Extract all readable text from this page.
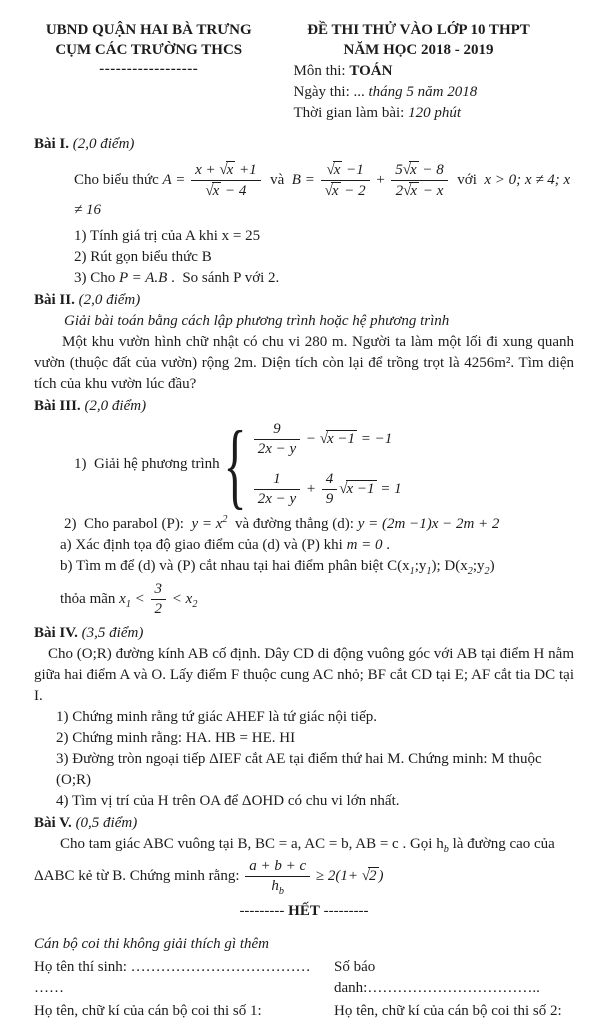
UBND QUẬN HAI BÀ TRƯNG
CỤM CÁC TRƯỜNG THCS
------------------
ĐỀ THI THỬ VÀO LỚP 10 THPT
NĂM HỌC 2018 - 2019
Môn thi: TOÁN
Ngày thi: ... tháng 5 năm 2018
Thời gian làm bài: 120 phút
Bài I. (2,0 điểm)
Cho biểu thức $A = \frac{x + √x +1}{√x - 4}$ và  $B = \frac{√x -1}{√x - 2} + \frac{5√x - 8}{2√x - x}$ với  x > 0; x ≠ 4; x ≠ 16
1) Tính giá trị của A khi x = 25
2) Rút gọn biểu thức B
3) Cho P = A.B .  So sánh P với 2.
Bài II. (2,0 điểm)
Giải bài toán bằng cách lập phương trình hoặc hệ phương trình
Một khu vườn hình chữ nhật có chu vi 280 m. Người ta làm một lối đi xung quanh vườn (thuộc đất của vườn) rộng 2m. Diện tích còn lại để trồng trọt là 4256m². Tìm diện tích của khu vườn lúc đầu?
Bài III. (2,0 điểm)
1)  Giải hệ phương trình { $\frac{9}{2x - y} - √x -1 = -1$
$\frac{1}{2x - y} + \frac{4}{9} √x -1 = 1$
2)  Cho parabol (P):  $y = x^2$  và đường thẳng (d): y = (2m −1)x − 2m + 2
a) Xác định tọa độ giao điểm của (d) và (P) khi m = 0 .
b) Tìm m để (d) và (P) cắt nhau tại hai điểm phân biệt $C(x_1;y_1)$; $D(x_2;y_2)$
thỏa mãn $x_1 < \frac{3}{2} < x_2$
Bài IV. (3,5 điểm)
Cho (O;R) đường kính AB cố định. Dây CD di động vuông góc với AB tại điểm H nằm giữa hai điểm A và O. Lấy điểm F thuộc cung AC nhỏ; BF cắt CD tại E; AF cắt tia DC tại I.
1) Chứng minh rằng tứ giác AHEF là tứ giác nội tiếp.
2) Chứng minh rằng: HA. HB = HE. HI
3) Đường tròn ngoại tiếp ΔIEF cắt AE tại điểm thứ hai M. Chứng minh: M thuộc (O;R)
4) Tìm vị trí của H trên OA để ΔOHD có chu vi lớn nhất.
Bài V. (0,5 điểm)
Cho tam giác ABC vuông tại B, BC = a, AC = b, AB = c . Gọi $h_b$ là đường cao của
ΔABC kẻ từ B. Chứng minh rằng: $\frac{a + b + c}{h_b} \ge 2(1+ √2$ )
--------- HẾT ---------
Cán bộ coi thi không giải thích gì thêm
Họ tên thí sinh: ……………………………… ……
Số báo danh:……………………………..
Họ tên, chữ kí của cán bộ coi thi số 1:	Họ tên, chữ kí của cán bộ coi thi số 2:
